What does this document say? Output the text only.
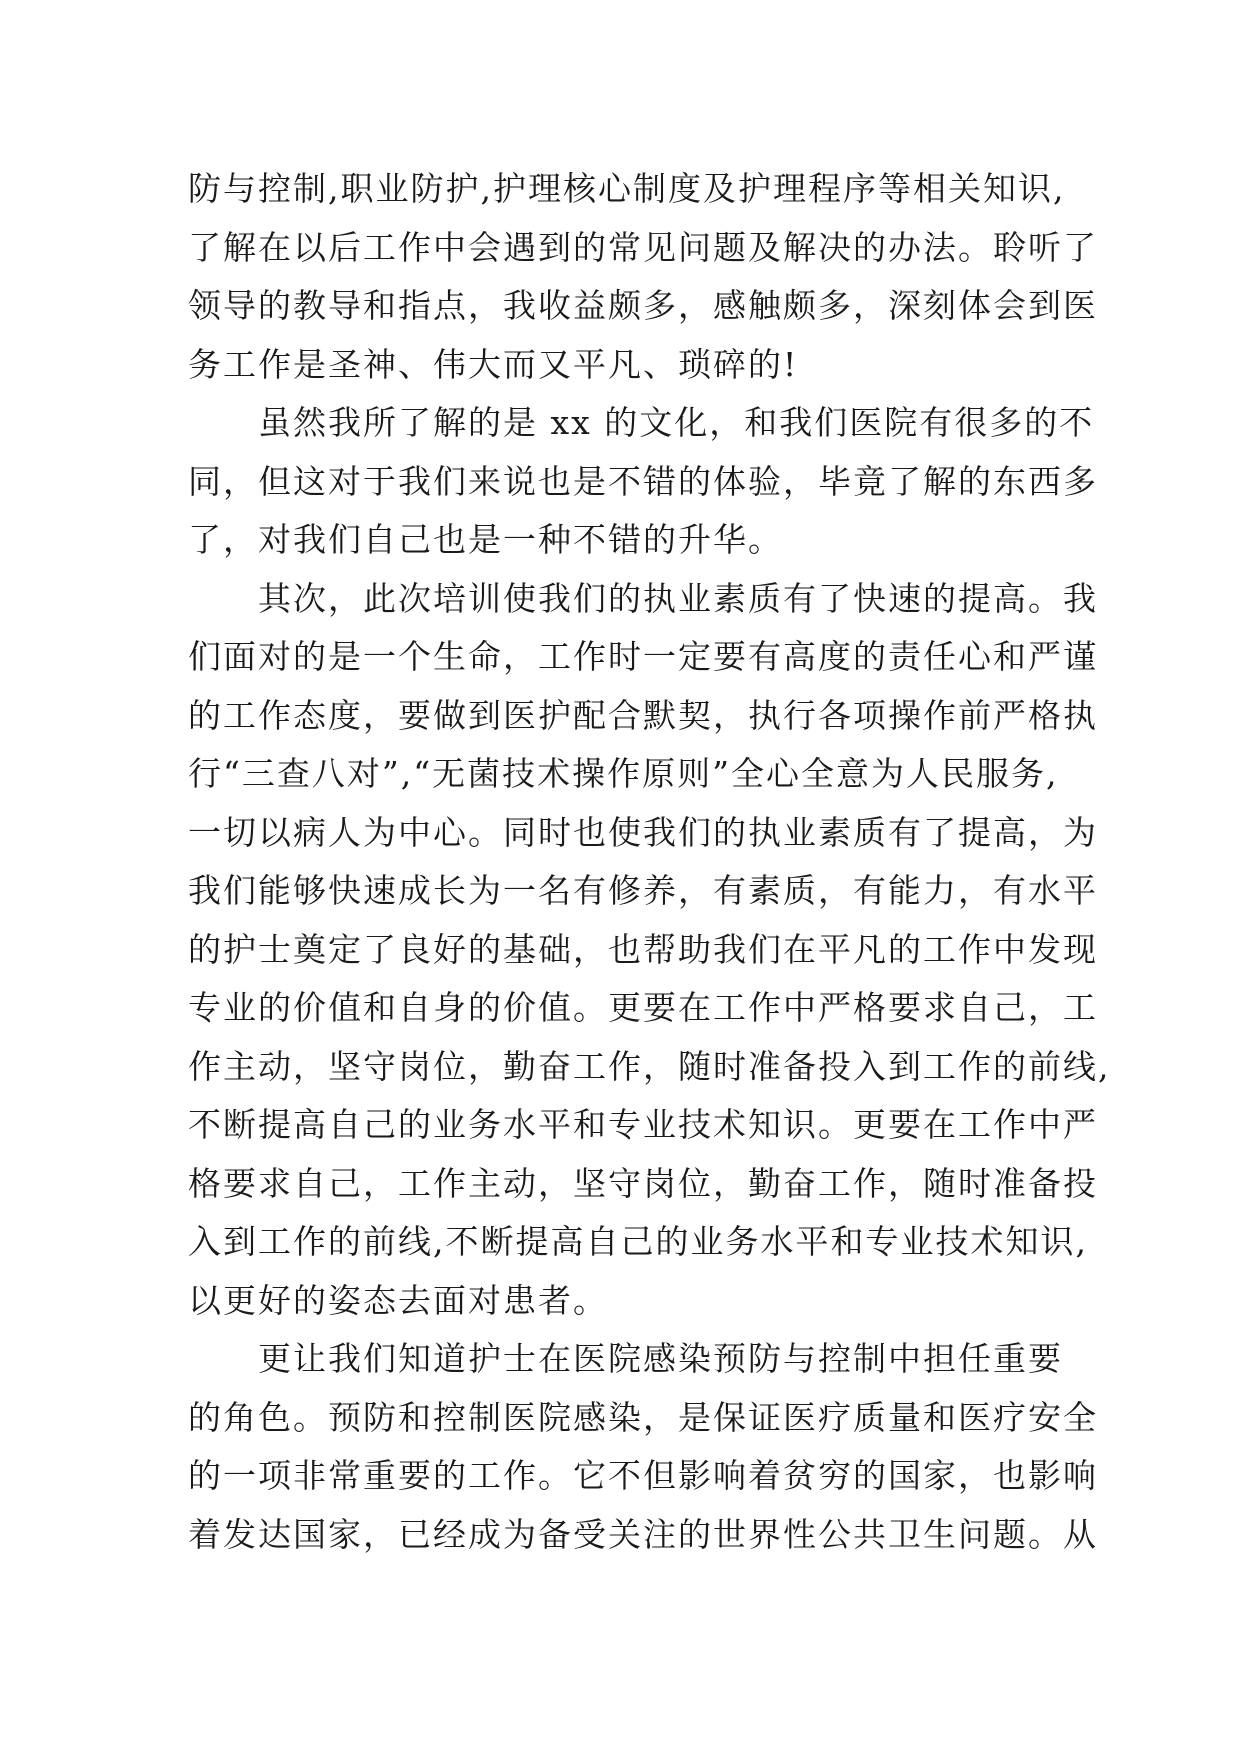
防与控制,职业防护,护理核心制度及护理程序等相关知识,
了解在以后工作中会遇到的常见问题及解决的办法。聆听了
领导的教导和指点，我收益颇多，感触颇多，深刻体会到医
务工作是圣神、伟大而又平凡、琐碎的!
　　虽然我所了解的是 xx 的文化，和我们医院有很多的不
同，但这对于我们来说也是不错的体验，毕竟了解的东西多
了，对我们自己也是一种不错的升华。
　　其次，此次培训使我们的执业素质有了快速的提高。我
们面对的是一个生命，工作时一定要有高度的责任心和严谨
的工作态度，要做到医护配合默契，执行各项操作前严格执
行“三查八对”,“无菌技术操作原则”全心全意为人民服务,
一切以病人为中心。同时也使我们的执业素质有了提高，为
我们能够快速成长为一名有修养，有素质，有能力，有水平
的护士奠定了良好的基础，也帮助我们在平凡的工作中发现
专业的价值和自身的价值。更要在工作中严格要求自己，工
作主动，坚守岗位，勤奋工作，随时准备投入到工作的前线,
不断提高自己的业务水平和专业技术知识。更要在工作中严
格要求自己，工作主动，坚守岗位，勤奋工作，随时准备投
入到工作的前线,不断提高自己的业务水平和专业技术知识,
以更好的姿态去面对患者。
　　更让我们知道护士在医院感染预防与控制中担任重要
的角色。预防和控制医院感染，是保证医疗质量和医疗安全
的一项非常重要的工作。它不但影响着贫穷的国家，也影响
着发达国家，已经成为备受关注的世界性公共卫生问题。从
